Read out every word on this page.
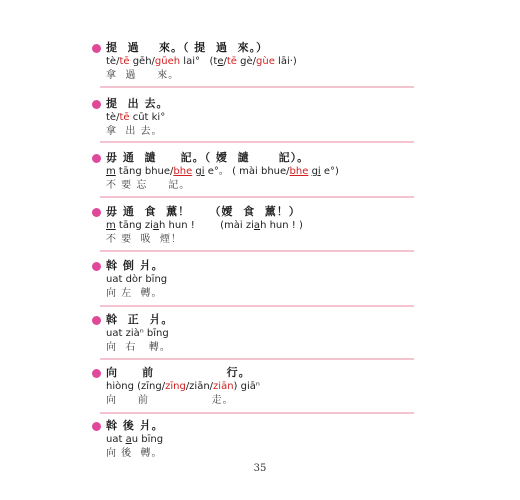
提  過    來。（ 提  過  來。）
tè/tē gēh/gūeh lai°   (te/tē gè/gùe lāi·)
拿  過     來。
提  出 去。
tè/tē cūt ki°
拿  出 去。
毋 通  譴     記。（ 嬡  譴      記）。
m tāng bhue/bhe gi e°。 ( mài bhue/bhe gi e°)
不 要 忘     記。
毋 通  食  薰！    （嬡  食  薰！）
m tāng ziah hun !        (mài ziah hun ! )
不 要  吸  煙！
斡 倒 爿。
uat dòr bīng
向 左  轉。
斡  正  爿。
uat ziàⁿ bīng
向  右   轉。
向     前               行。
hiòng (zīng/zīng/ziān/ziān) giāⁿ
向     前               走。
斡 後 爿。
uat au bīng
向 後  轉。
35
